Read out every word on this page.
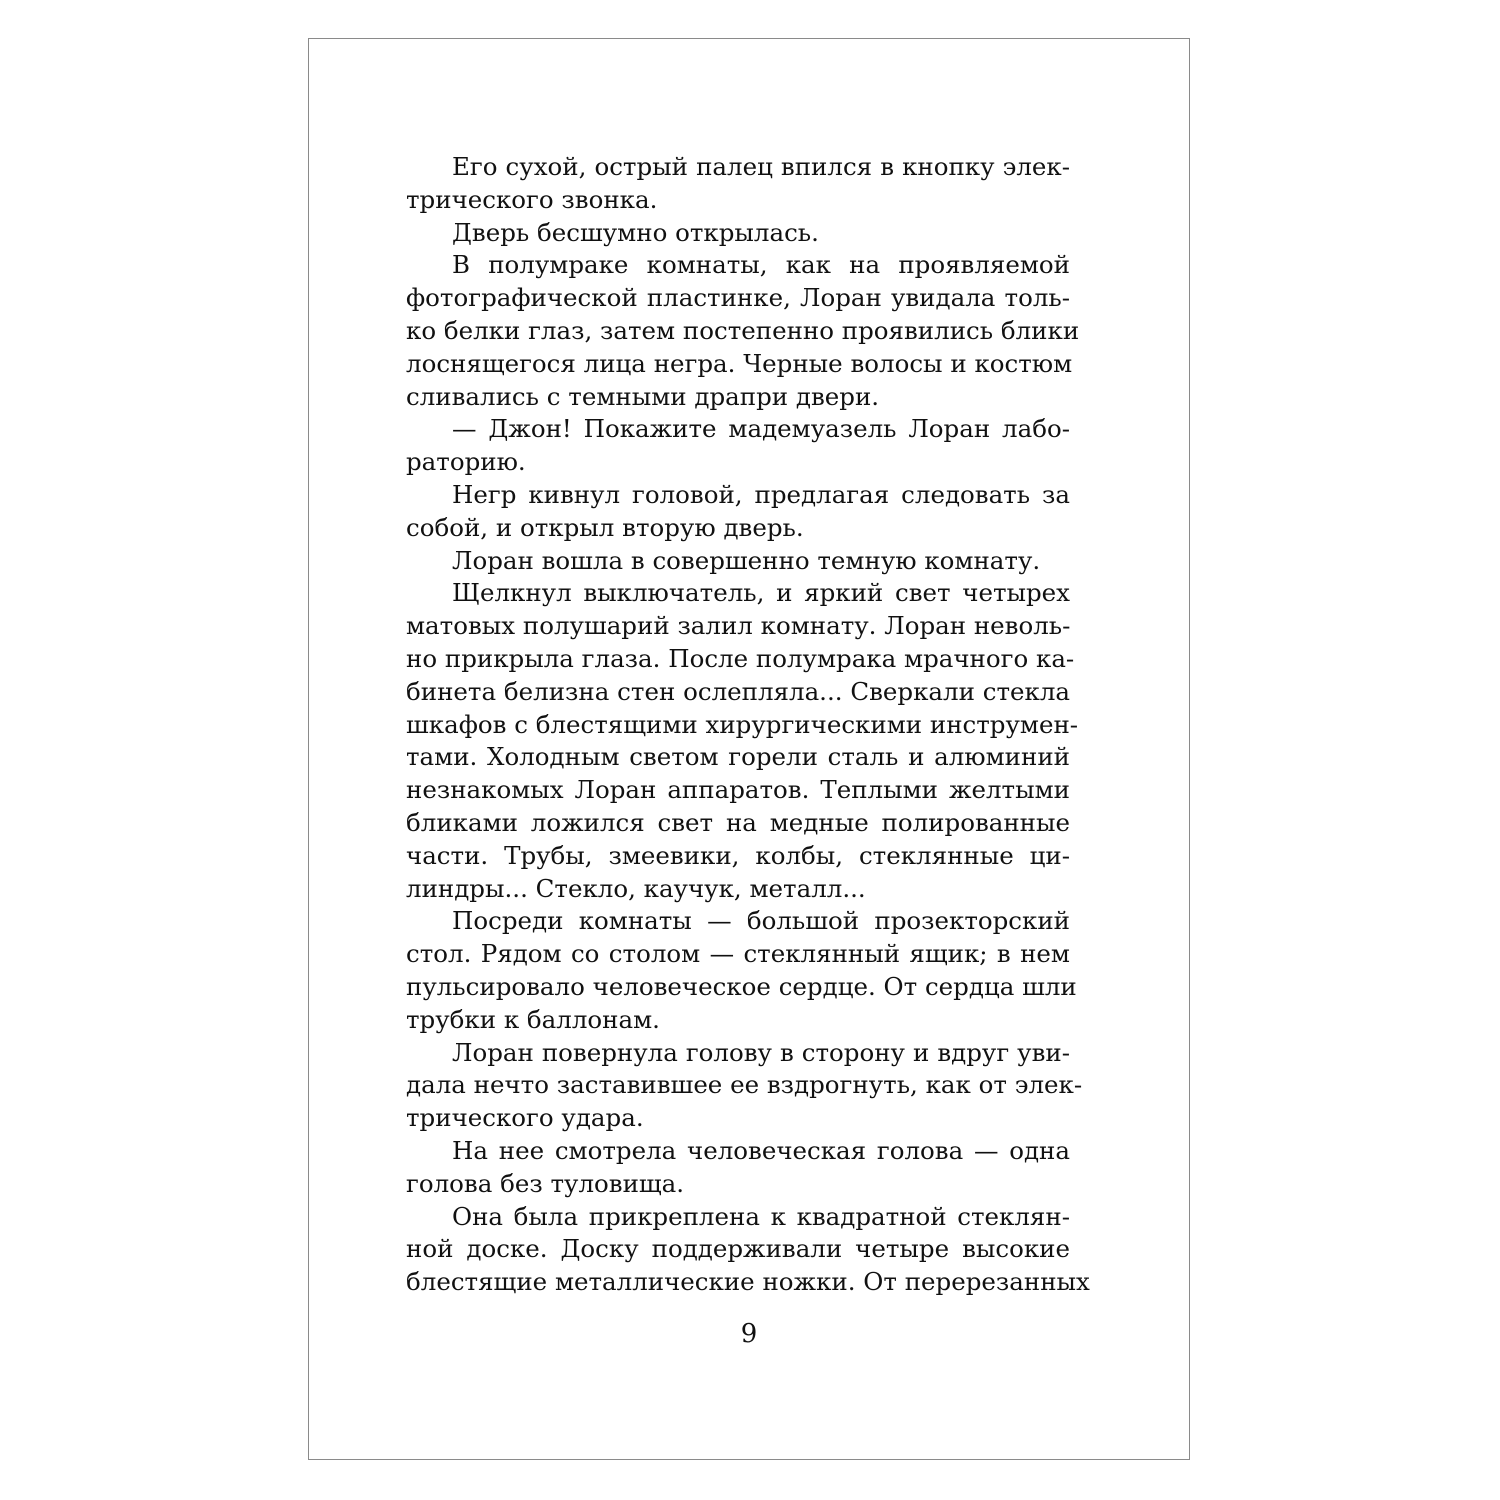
Его сухой, острый палец впился в кнопку элек-
трического звонка.
Дверь бесшумно открылась.
В полумраке комнаты, как на проявляемой
фотографической пластинке, Лоран увидала толь-
ко белки глаз, затем постепенно проявились блики
лоснящегося лица негра. Черные волосы и костюм
сливались с темными драпри двери.
— Джон! Покажите мадемуазель Лоран лабо-
раторию.
Негр кивнул головой, предлагая следовать за
собой, и открыл вторую дверь.
Лоран вошла в совершенно темную комнату.
Щелкнул выключатель, и яркий свет четырех
матовых полушарий залил комнату. Лоран неволь-
но прикрыла глаза. После полумрака мрачного ка-
бинета белизна стен ослепляла... Сверкали стекла
шкафов с блестящими хирургическими инструмен-
тами. Холодным светом горели сталь и алюминий
незнакомых Лоран аппаратов. Теплыми желтыми
бликами ложился свет на медные полированные
части. Трубы, змеевики, колбы, стеклянные ци-
линдры... Стекло, каучук, металл...
Посреди комнаты — большой прозекторский
стол. Рядом со столом — стеклянный ящик; в нем
пульсировало человеческое сердце. От сердца шли
трубки к баллонам.
Лоран повернула голову в сторону и вдруг уви-
дала нечто заставившее ее вздрогнуть, как от элек-
трического удара.
На нее смотрела человеческая голова — одна
голова без туловища.
Она была прикреплена к квадратной стеклян-
ной доске. Доску поддерживали четыре высокие
блестящие металлические ножки. От перерезанных
9
